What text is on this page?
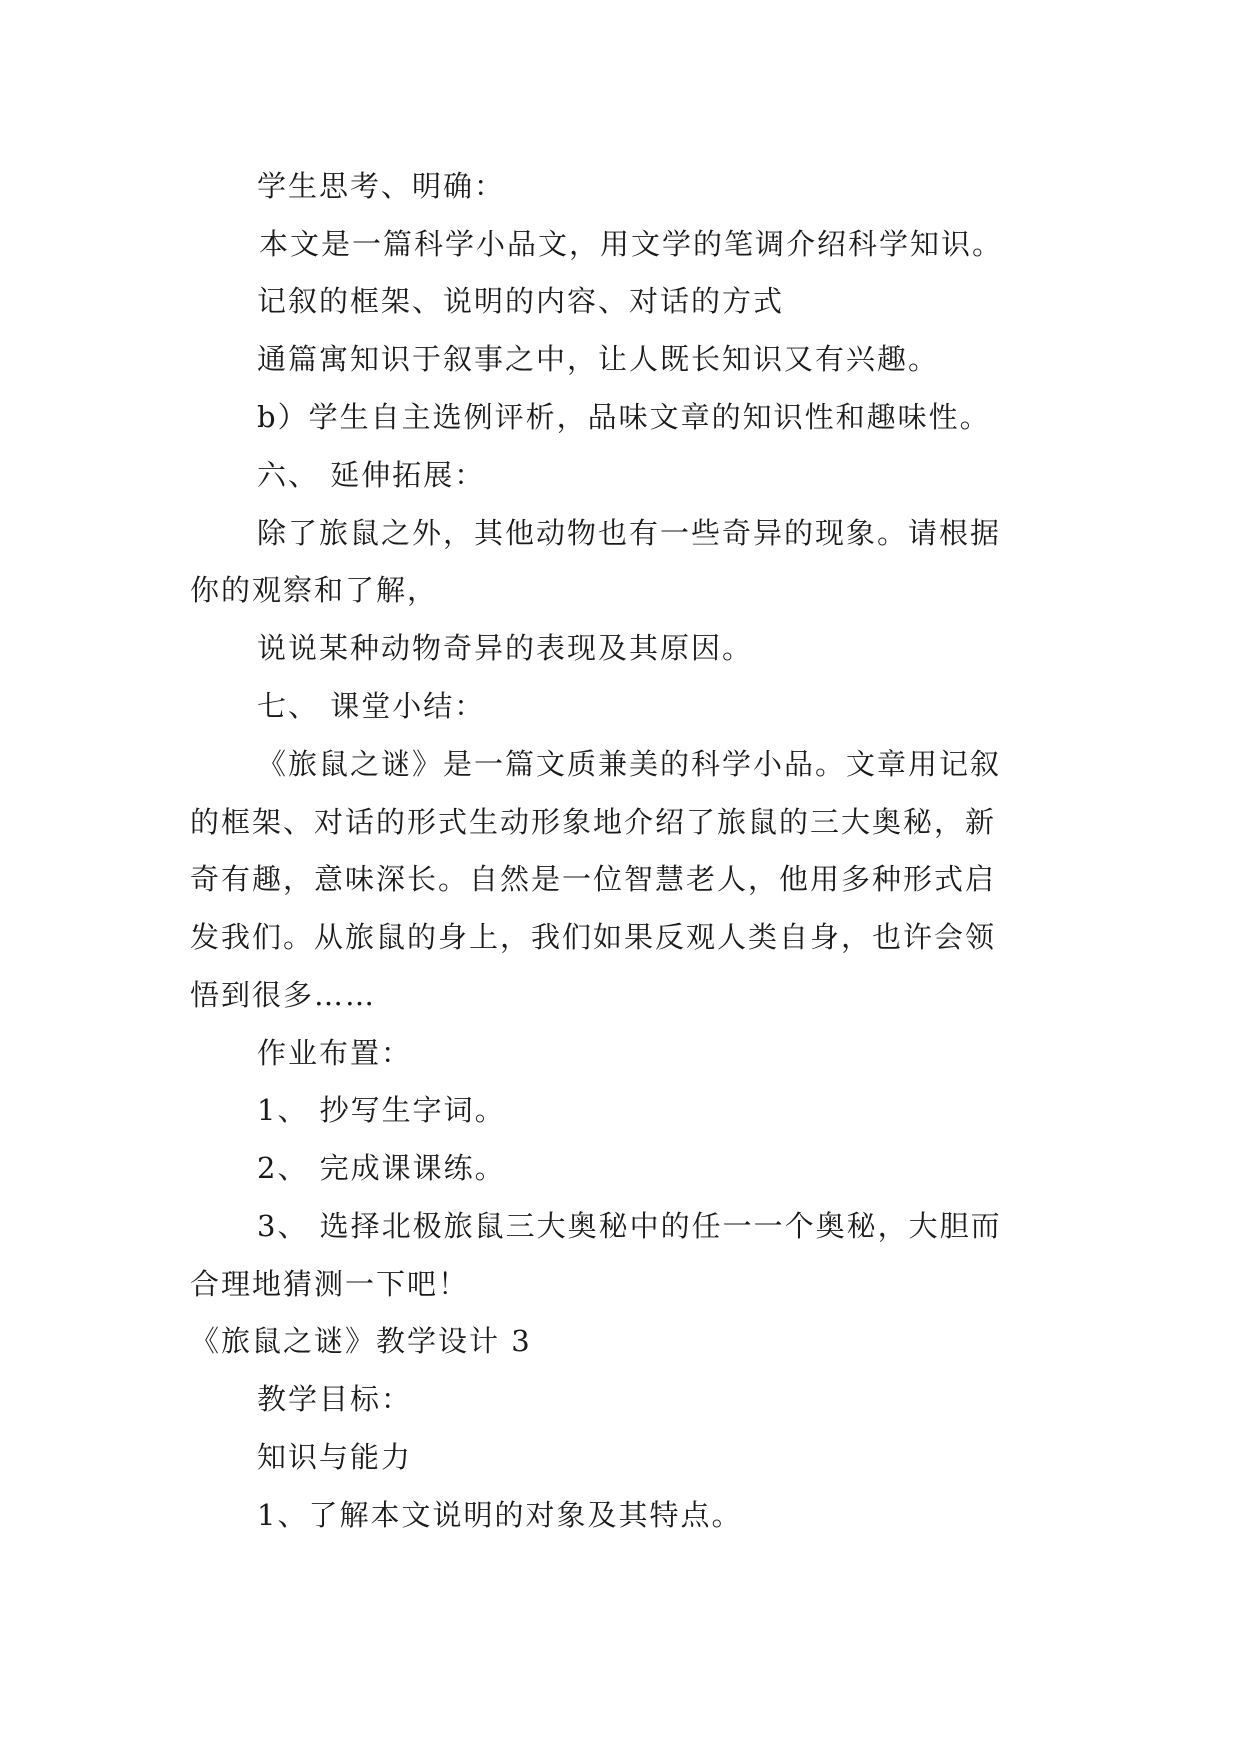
学生思考、明确：
本文是一篇科学小品文，用文学的笔调介绍科学知识。
记叙的框架、说明的内容、对话的方式
通篇寓知识于叙事之中，让人既长知识又有兴趣。
b）学生自主选例评析，品味文章的知识性和趣味性。
六、 延伸拓展：
除了旅鼠之外，其他动物也有一些奇异的现象。请根据
你的观察和了解，
说说某种动物奇异的表现及其原因。
七、 课堂小结：
《旅鼠之谜》是一篇文质兼美的科学小品。文章用记叙
的框架、对话的形式生动形象地介绍了旅鼠的三大奥秘，新
奇有趣，意味深长。自然是一位智慧老人，他用多种形式启
发我们。从旅鼠的身上，我们如果反观人类自身，也许会领
悟到很多……
作业布置：
1、 抄写生字词。
2、 完成课课练。
3、 选择北极旅鼠三大奥秘中的任一一个奥秘，大胆而
合理地猜测一下吧！
《旅鼠之谜》教学设计 3
教学目标：
知识与能力
1、了解本文说明的对象及其特点。
